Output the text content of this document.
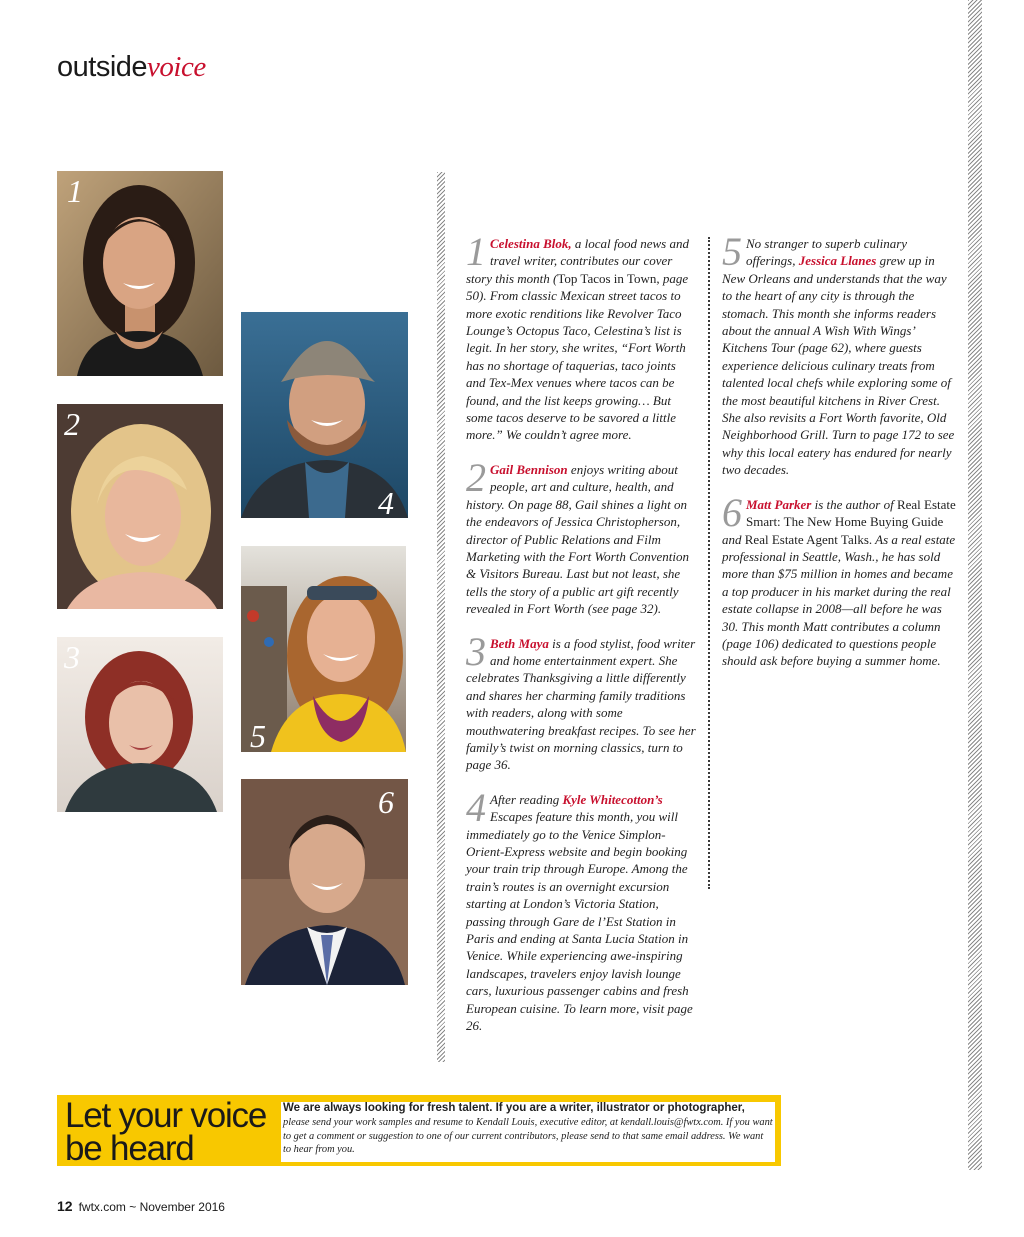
outsidevoice
1
2
3
4
5
6

1 Celestina Blok, a local food news and travel writer, contributes our cover story this month (Top Tacos in Town, page 50). From classic Mexican street tacos to more exotic renditions like Revolver Taco Lounge’s Octopus Taco, Celestina’s list is legit. In her story, she writes, “Fort Worth has no shortage of taquerias, taco joints and Tex-Mex venues where tacos can be found, and the list keeps growing… But some tacos deserve to be savored a little more.” We couldn’t agree more.

2 Gail Bennison enjoys writing about people, art and culture, health, and history. On page 88, Gail shines a light on the endeavors of Jessica Christopherson, director of Public Relations and Film Marketing with the Fort Worth Convention & Visitors Bureau. Last but not least, she tells the story of a public art gift recently revealed in Fort Worth (see page 32).

3 Beth Maya is a food stylist, food writer and home entertainment expert. She celebrates Thanksgiving a little differently and shares her charming family traditions with readers, along with some mouthwatering breakfast recipes. To see her family’s twist on morning classics, turn to page 36.

4 After reading Kyle Whitecotton’s Escapes feature this month, you will immediately go to the Venice Simplon-Orient-Express website and begin booking your train trip through Europe. Among the train’s routes is an overnight excursion starting at London’s Victoria Station, passing through Gare de l’Est Station in Paris and ending at Santa Lucia Station in Venice. While experiencing awe-inspiring landscapes, travelers enjoy lavish lounge cars, luxurious passenger cabins and fresh European cuisine. To learn more, visit page 26.

5 No stranger to superb culinary offerings, Jessica Llanes grew up in New Orleans and understands that the way to the heart of any city is through the stomach. This month she informs readers about the annual A Wish With Wings’ Kitchens Tour (page 62), where guests experience delicious culinary treats from talented local chefs while exploring some of the most beautiful kitchens in River Crest. She also revisits a Fort Worth favorite, Old Neighborhood Grill. Turn to page 172 to see why this local eatery has endured for nearly two decades.

6 Matt Parker is the author of Real Estate Smart: The New Home Buying Guide and Real Estate Agent Talks. As a real estate professional in Seattle, Wash., he has sold more than $75 million in homes and became a top producer in his market during the real estate collapse in 2008—all before he was 30. This month Matt contributes a column (page 106) dedicated to questions people should ask before buying a summer home.

Let your voice be heard
We are always looking for fresh talent. If you are a writer, illustrator or photographer, please send your work samples and resume to Kendall Louis, executive editor, at kendall.louis@fwtx.com. If you want to get a comment or suggestion to one of our current contributors, please send to that same email address. We want to hear from you.
12 fwtx.com ~ November 2016
